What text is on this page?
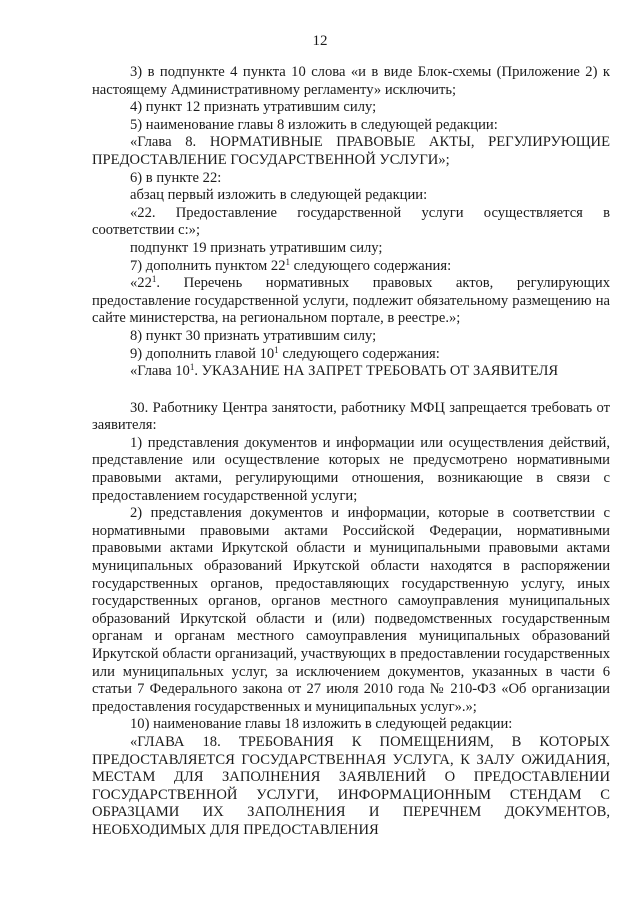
12

3) в подпункте 4 пункта 10 слова «и в виде Блок-схемы (Приложение 2) к настоящему Административному регламенту» исключить;

4) пункт 12 признать утратившим силу;

5) наименование главы 8 изложить в следующей редакции:

«Глава 8. НОРМАТИВНЫЕ ПРАВОВЫЕ АКТЫ, РЕГУЛИРУЮЩИЕ ПРЕДОСТАВЛЕНИЕ ГОСУДАРСТВЕННОЙ УСЛУГИ»;

6) в пункте 22:

абзац первый изложить в следующей редакции:

«22. Предоставление государственной услуги осуществляется в соответствии с:»;

подпункт 19 признать утратившим силу;

7) дополнить пунктом $22^1$ следующего содержания:

«$22^1$. Перечень нормативных правовых актов, регулирующих предоставление государственной услуги, подлежит обязательному размещению на сайте министерства, на региональном портале, в реестре.»;

8) пункт 30 признать утратившим силу;

9) дополнить главой $10^1$ следующего содержания:

«Глава $10^1$. УКАЗАНИЕ НА ЗАПРЕТ ТРЕБОВАТЬ ОТ ЗАЯВИТЕЛЯ

30. Работнику Центра занятости, работнику МФЦ запрещается требовать от заявителя:

1) представления документов и информации или осуществления действий, представление или осуществление которых не предусмотрено нормативными правовыми актами, регулирующими отношения, возникающие в связи с предоставлением государственной услуги;

2) представления документов и информации, которые в соответствии с нормативными правовыми актами Российской Федерации, нормативными правовыми актами Иркутской области и муниципальными правовыми актами муниципальных образований Иркутской области находятся в распоряжении государственных органов, предоставляющих государственную услугу, иных государственных органов, органов местного самоуправления муниципальных образований Иркутской области и (или) подведомственных государственным органам и органам местного самоуправления муниципальных образований Иркутской области организаций, участвующих в предоставлении государственных или муниципальных услуг, за исключением документов, указанных в части 6 статьи 7 Федерального закона от 27 июля 2010 года № 210-ФЗ «Об организации предоставления государственных и муниципальных услуг».»;

10) наименование главы 18 изложить в следующей редакции:

«ГЛАВА 18. ТРЕБОВАНИЯ К ПОМЕЩЕНИЯМ, В КОТОРЫХ ПРЕДОСТАВЛЯЕТСЯ ГОСУДАРСТВЕННАЯ УСЛУГА, К ЗАЛУ ОЖИДАНИЯ, МЕСТАМ ДЛЯ ЗАПОЛНЕНИЯ ЗАЯВЛЕНИЙ О ПРЕДОСТАВЛЕНИИ ГОСУДАРСТВЕННОЙ УСЛУГИ, ИНФОРМАЦИОННЫМ СТЕНДАМ С ОБРАЗЦАМИ ИХ ЗАПОЛНЕНИЯ И ПЕРЕЧНЕМ ДОКУМЕНТОВ, НЕОБХОДИМЫХ ДЛЯ ПРЕДОСТАВЛЕНИЯ
